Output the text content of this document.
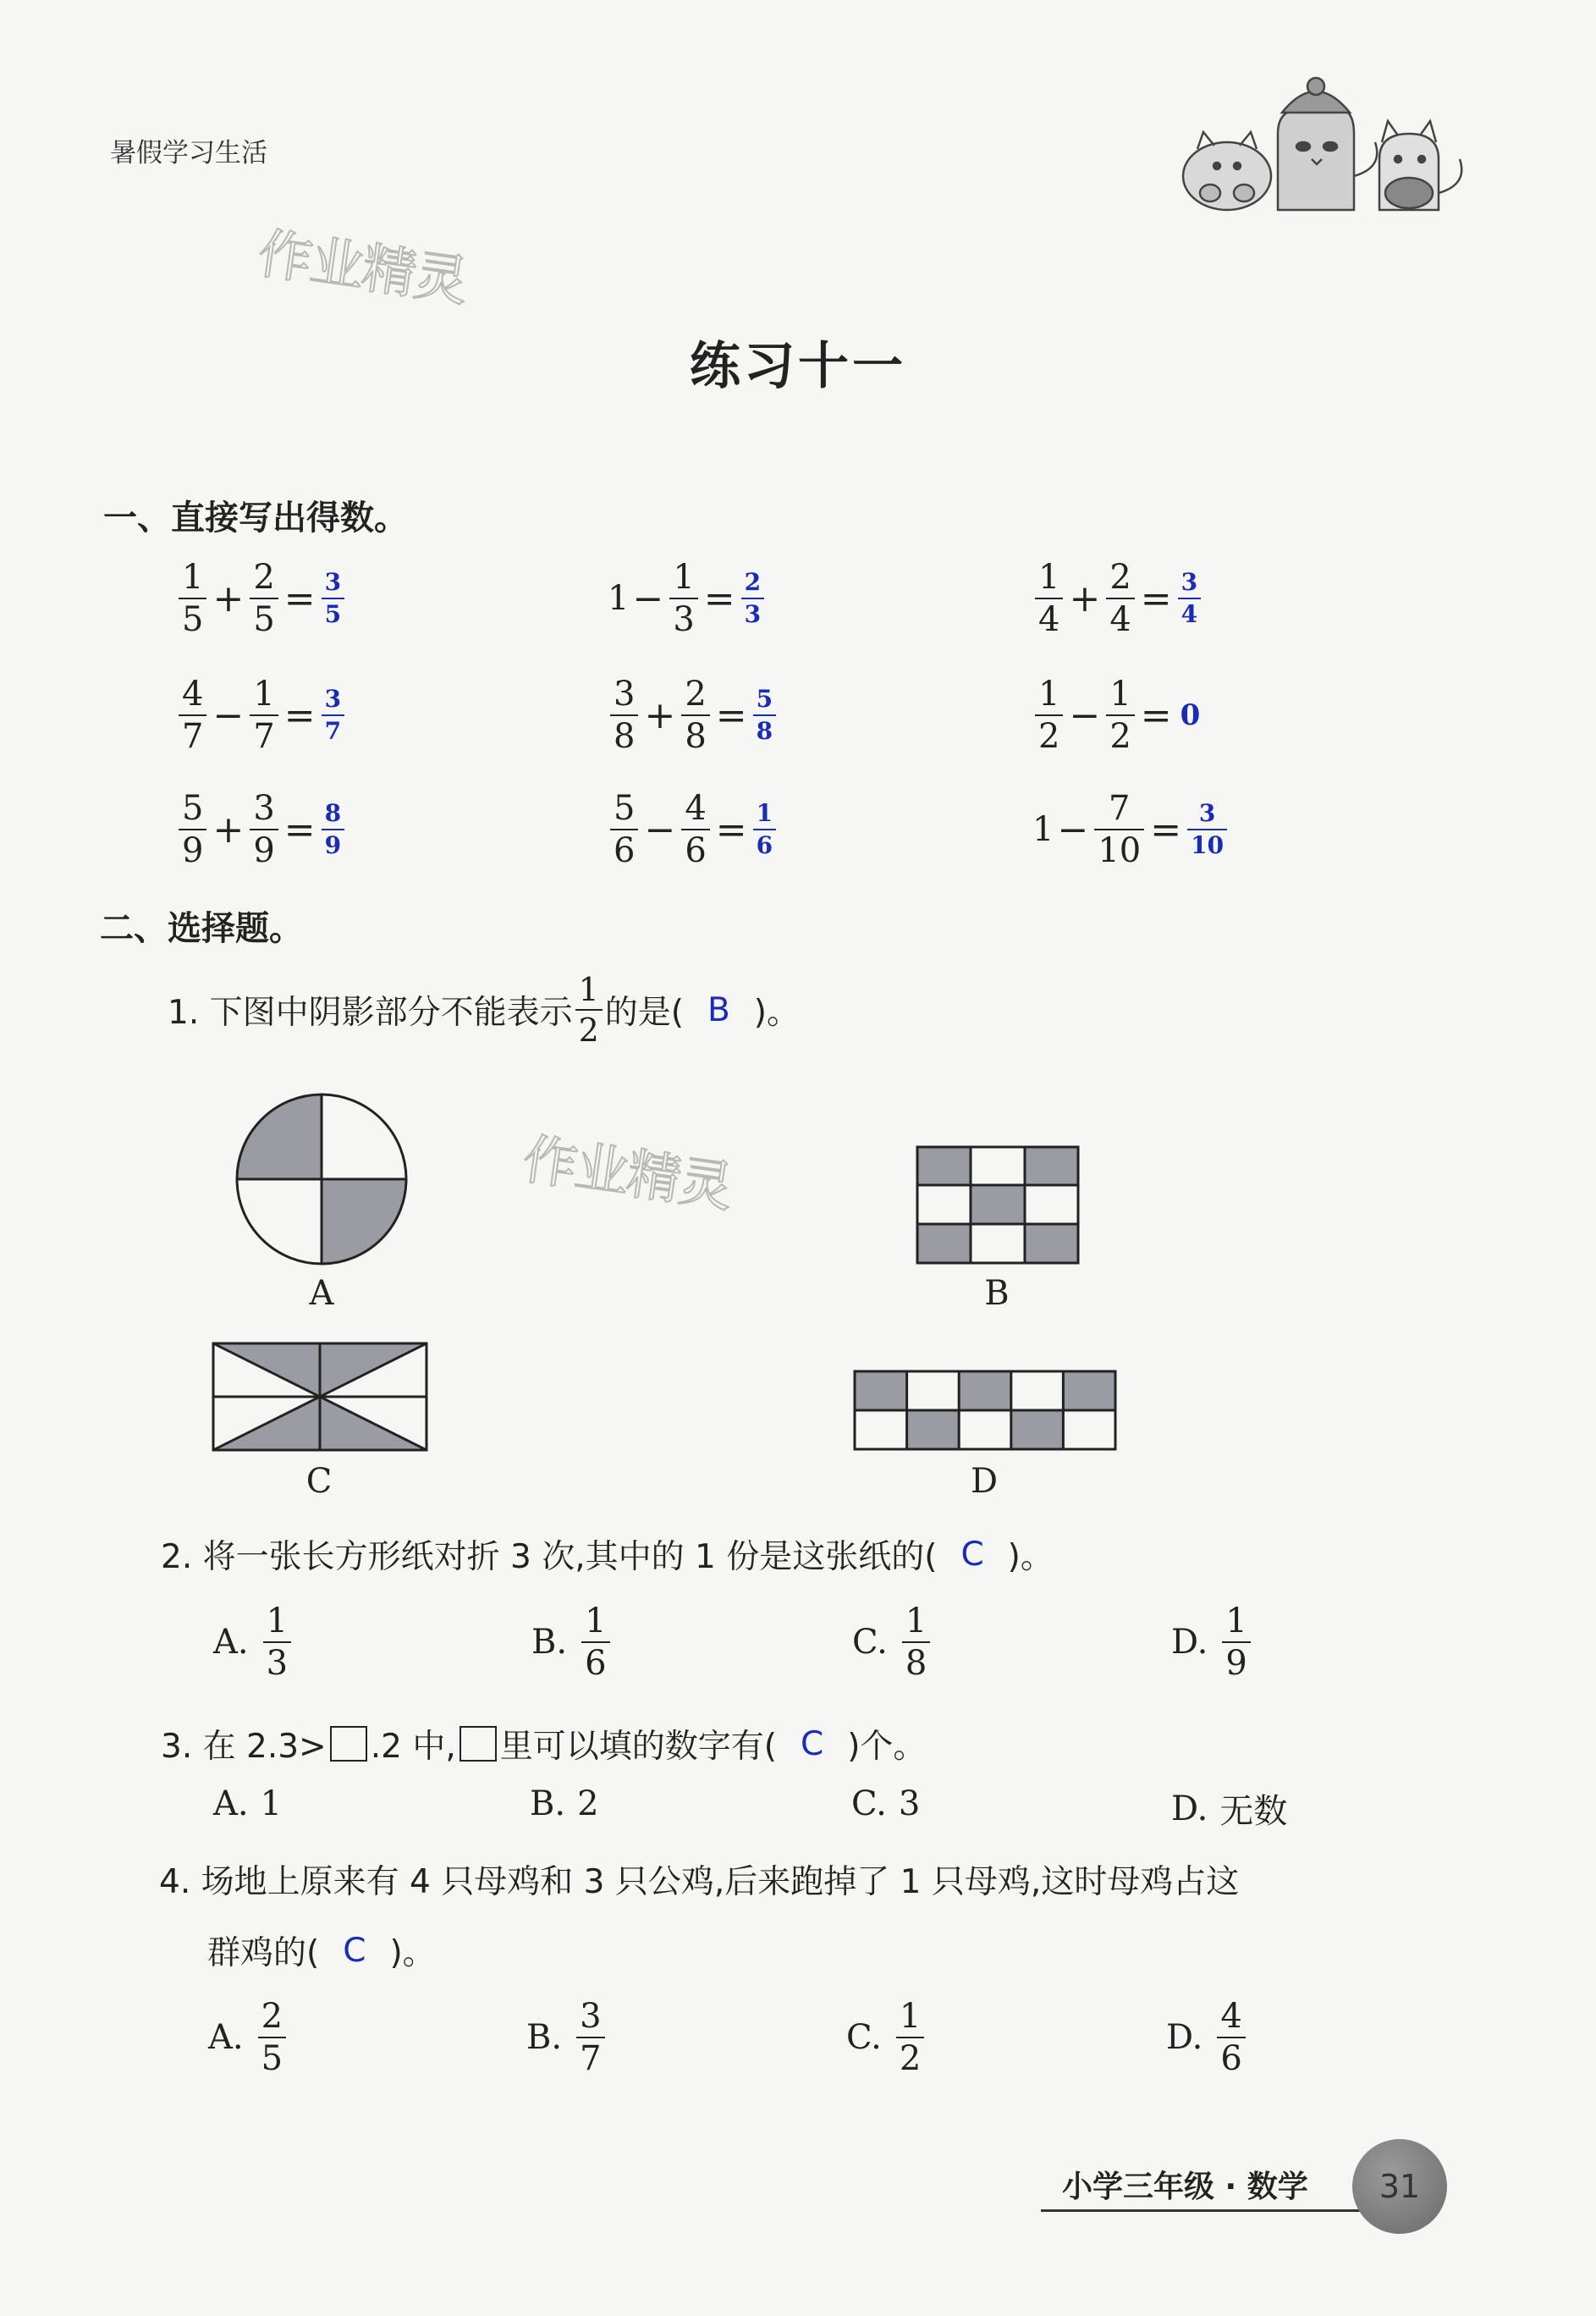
暑假学习生活
作业精灵
作业精灵
练习十一
一、直接写出得数。
$\frac{1}{5} + \frac{2}{5} = \frac{3}{5}$	$1 - \frac{1}{3} = \frac{2}{3}$	$\frac{1}{4} + \frac{2}{4} = \frac{3}{4}$
$\frac{4}{7} - \frac{1}{7} = \frac{3}{7}$	$\frac{3}{8} + \frac{2}{8} = \frac{5}{8}$	$\frac{1}{2} - \frac{1}{2} = 0$
$\frac{5}{9} + \frac{3}{9} = \frac{8}{9}$	$\frac{5}{6} - \frac{4}{6} = \frac{1}{6}$	$1 - \frac{7}{10} = \frac{3}{10}$
二、选择题。
1. 下图中阴影部分不能表示 $\frac{1}{2}$ 的是( B )。
A	B
C	D
2. 将一张长方形纸对折 3 次,其中的 1 份是这张纸的( C )。
A. $\frac{1}{3}$	B. $\frac{1}{6}$	C. $\frac{1}{8}$	D. $\frac{1}{9}$
3. 在 2.3> .2 中, 里可以填的数字有( C )个。
A. 1	B. 2	C. 3	D. 无数
4. 场地上原来有 4 只母鸡和 3 只公鸡,后来跑掉了 1 只母鸡,这时母鸡占这
群鸡的( C )。
A. $\frac{2}{5}$	B. $\frac{3}{7}$	C. $\frac{1}{2}$	D. $\frac{4}{6}$
小学三年级 · 数学	31
